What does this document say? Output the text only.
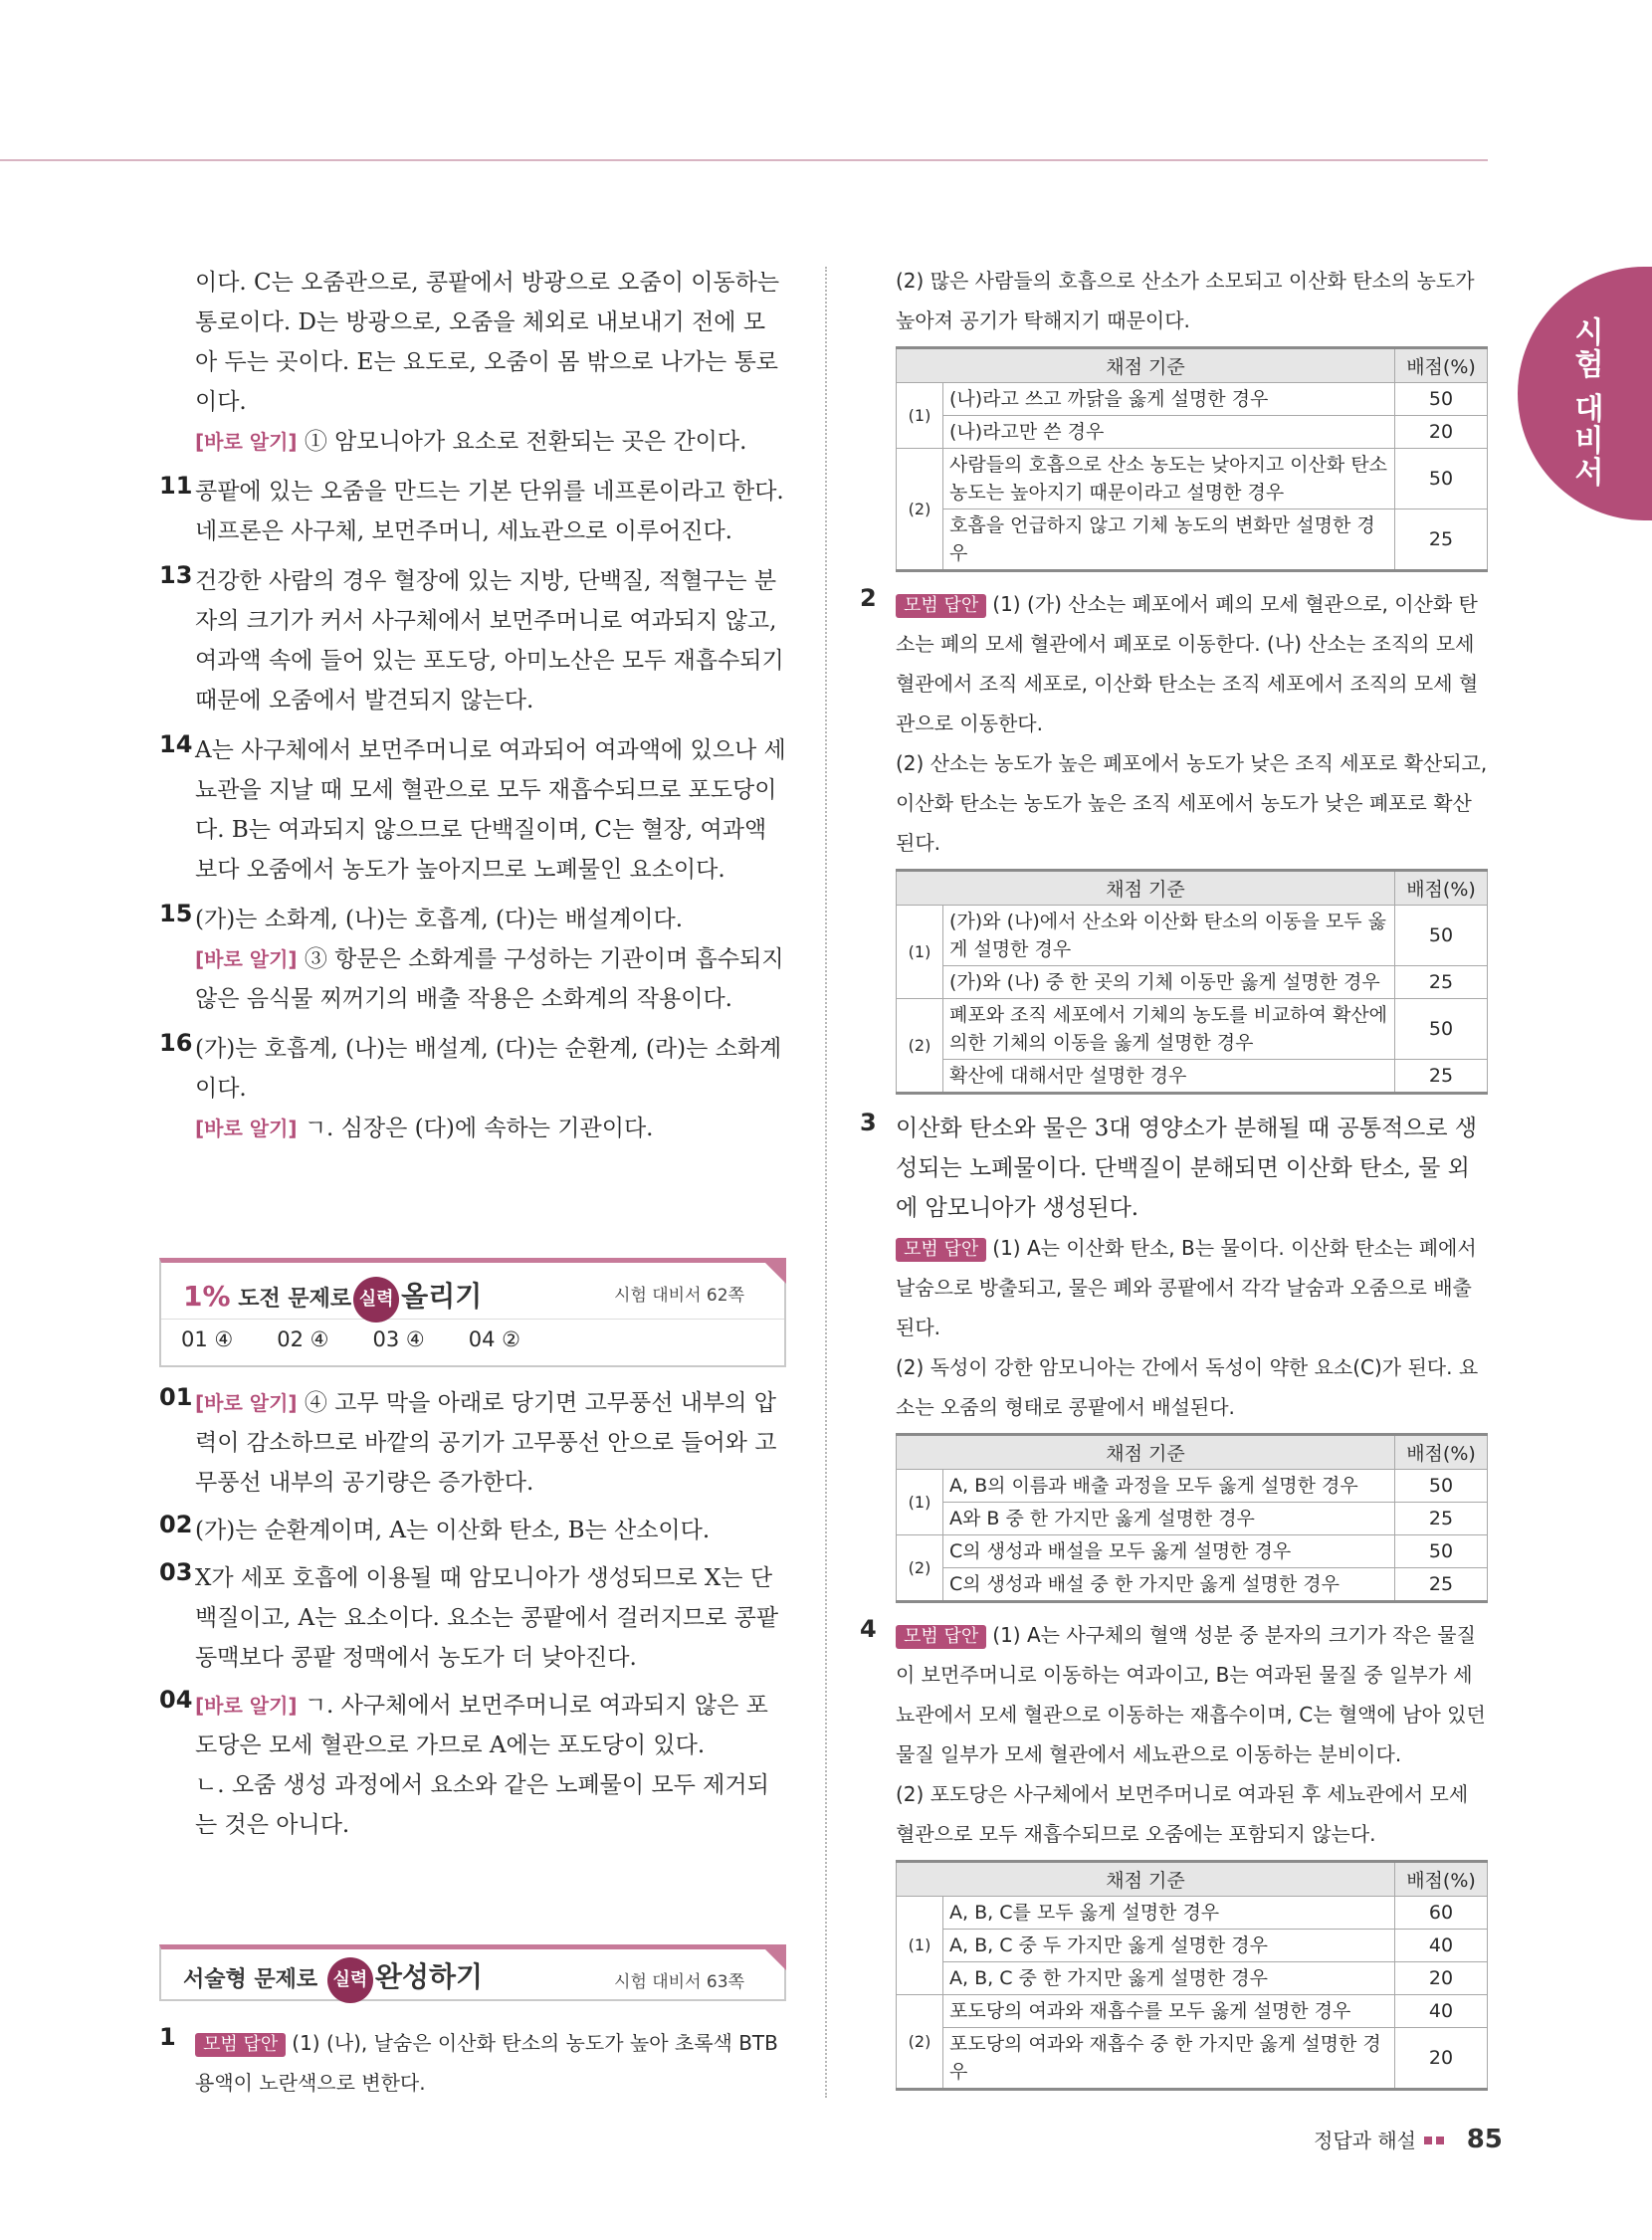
시험 대비서

이다. C는 오줌관으로, 콩팥에서 방광으로 오줌이 이동하는 통로이다. D는 방광으로, 오줌을 체외로 내보내기 전에 모아 두는 곳이다. E는 요도로, 오줌이 몸 밖으로 나가는 통로이다.

[바로 알기] ① 암모니아가 요소로 전환되는 곳은 간이다.

11 콩팥에 있는 오줌을 만드는 기본 단위를 네프론이라고 한다. 네프론은 사구체, 보먼주머니, 세뇨관으로 이루어진다.

13 건강한 사람의 경우 혈장에 있는 지방, 단백질, 적혈구는 분자의 크기가 커서 사구체에서 보먼주머니로 여과되지 않고, 여과액 속에 들어 있는 포도당, 아미노산은 모두 재흡수되기 때문에 오줌에서 발견되지 않는다.

14 A는 사구체에서 보먼주머니로 여과되어 여과액에 있으나 세뇨관을 지날 때 모세 혈관으로 모두 재흡수되므로 포도당이다. B는 여과되지 않으므로 단백질이며, C는 혈장, 여과액보다 오줌에서 농도가 높아지므로 노폐물인 요소이다.

15 (가)는 소화계, (나)는 호흡계, (다)는 배설계이다.

[바로 알기] ③ 항문은 소화계를 구성하는 기관이며 흡수되지 않은 음식물 찌꺼기의 배출 작용은 소화계의 작용이다.

16 (가)는 호흡계, (나)는 배설계, (다)는 순환계, (라)는 소화계이다.

[바로 알기] ㄱ. 심장은 (다)에 속하는 기관이다.

1% 도전 문제로 실력 올리기	시험 대비서 62쪽
01 ④ 02 ④ 03 ④ 04 ②
01 [바로 알기] ④ 고무 막을 아래로 당기면 고무풍선 내부의 압력이 감소하므로 바깥의 공기가 고무풍선 안으로 들어와 고무풍선 내부의 공기량은 증가한다.

02 (가)는 순환계이며, A는 이산화 탄소, B는 산소이다.

03 X가 세포 호흡에 이용될 때 암모니아가 생성되므로 X는 단백질이고, A는 요소이다. 요소는 콩팥에서 걸러지므로 콩팥 동맥보다 콩팥 정맥에서 농도가 더 낮아진다.

04 [바로 알기] ㄱ. 사구체에서 보먼주머니로 여과되지 않은 포도당은 모세 혈관으로 가므로 A에는 포도당이 있다.

ㄴ. 오줌 생성 과정에서 요소와 같은 노폐물이 모두 제거되는 것은 아니다.

서술형 문제로 실력 완성하기	시험 대비서 63쪽
1	모범 답안 (1) (나), 날숨은 이산화 탄소의 농도가 높아 초록색 BTB 용액이 노란색으로 변한다.

(2) 많은 사람들의 호흡으로 산소가 소모되고 이산화 탄소의 농도가 높아져 공기가 탁해지기 때문이다.

채점 기준		배점(%)
(1)	(나)라고 쓰고 까닭을 옳게 설명한 경우	50
	(나)라고만 쓴 경우	20
(2)	사람들의 호흡으로 산소 농도는 낮아지고 이산화 탄소 농도는 높아지기 때문이라고 설명한 경우	50
	호흡을 언급하지 않고 기체 농도의 변화만 설명한 경우	25
2	모범 답안 (1) (가) 산소는 폐포에서 폐의 모세 혈관으로, 이산화 탄소는 폐의 모세 혈관에서 폐포로 이동한다. (나) 산소는 조직의 모세 혈관에서 조직 세포로, 이산화 탄소는 조직 세포에서 조직의 모세 혈관으로 이동한다.

(2) 산소는 농도가 높은 폐포에서 농도가 낮은 조직 세포로 확산되고, 이산화 탄소는 농도가 높은 조직 세포에서 농도가 낮은 폐포로 확산된다.

채점 기준		배점(%)
(1)	(가)와 (나)에서 산소와 이산화 탄소의 이동을 모두 옳게 설명한 경우	50
	(가)와 (나) 중 한 곳의 기체 이동만 옳게 설명한 경우	25
(2)	폐포와 조직 세포에서 기체의 농도를 비교하여 확산에 의한 기체의 이동을 옳게 설명한 경우	50
	확산에 대해서만 설명한 경우	25
3 이산화 탄소와 물은 3대 영양소가 분해될 때 공통적으로 생성되는 노폐물이다. 단백질이 분해되면 이산화 탄소, 물 외에 암모니아가 생성된다.

모범 답안 (1) A는 이산화 탄소, B는 물이다. 이산화 탄소는 폐에서 날숨으로 방출되고, 물은 폐와 콩팥에서 각각 날숨과 오줌으로 배출된다.

(2) 독성이 강한 암모니아는 간에서 독성이 약한 요소(C)가 된다. 요소는 오줌의 형태로 콩팥에서 배설된다.

채점 기준		배점(%)
(1)	A, B의 이름과 배출 과정을 모두 옳게 설명한 경우	50
	A와 B 중 한 가지만 옳게 설명한 경우	25
(2)	C의 생성과 배설을 모두 옳게 설명한 경우	50
	C의 생성과 배설 중 한 가지만 옳게 설명한 경우	25
4	모범 답안 (1) A는 사구체의 혈액 성분 중 분자의 크기가 작은 물질이 보먼주머니로 이동하는 여과이고, B는 여과된 물질 중 일부가 세뇨관에서 모세 혈관으로 이동하는 재흡수이며, C는 혈액에 남아 있던 물질 일부가 모세 혈관에서 세뇨관으로 이동하는 분비이다.

(2) 포도당은 사구체에서 보먼주머니로 여과된 후 세뇨관에서 모세 혈관으로 모두 재흡수되므로 오줌에는 포함되지 않는다.

채점 기준		배점(%)
(1)	A, B, C를 모두 옳게 설명한 경우	60
	A, B, C 중 두 가지만 옳게 설명한 경우	40
	A, B, C 중 한 가지만 옳게 설명한 경우	20
(2)	포도당의 여과와 재흡수를 모두 옳게 설명한 경우	40
	포도당의 여과와 재흡수 중 한 가지만 옳게 설명한 경우	20
정답과 해설 85
